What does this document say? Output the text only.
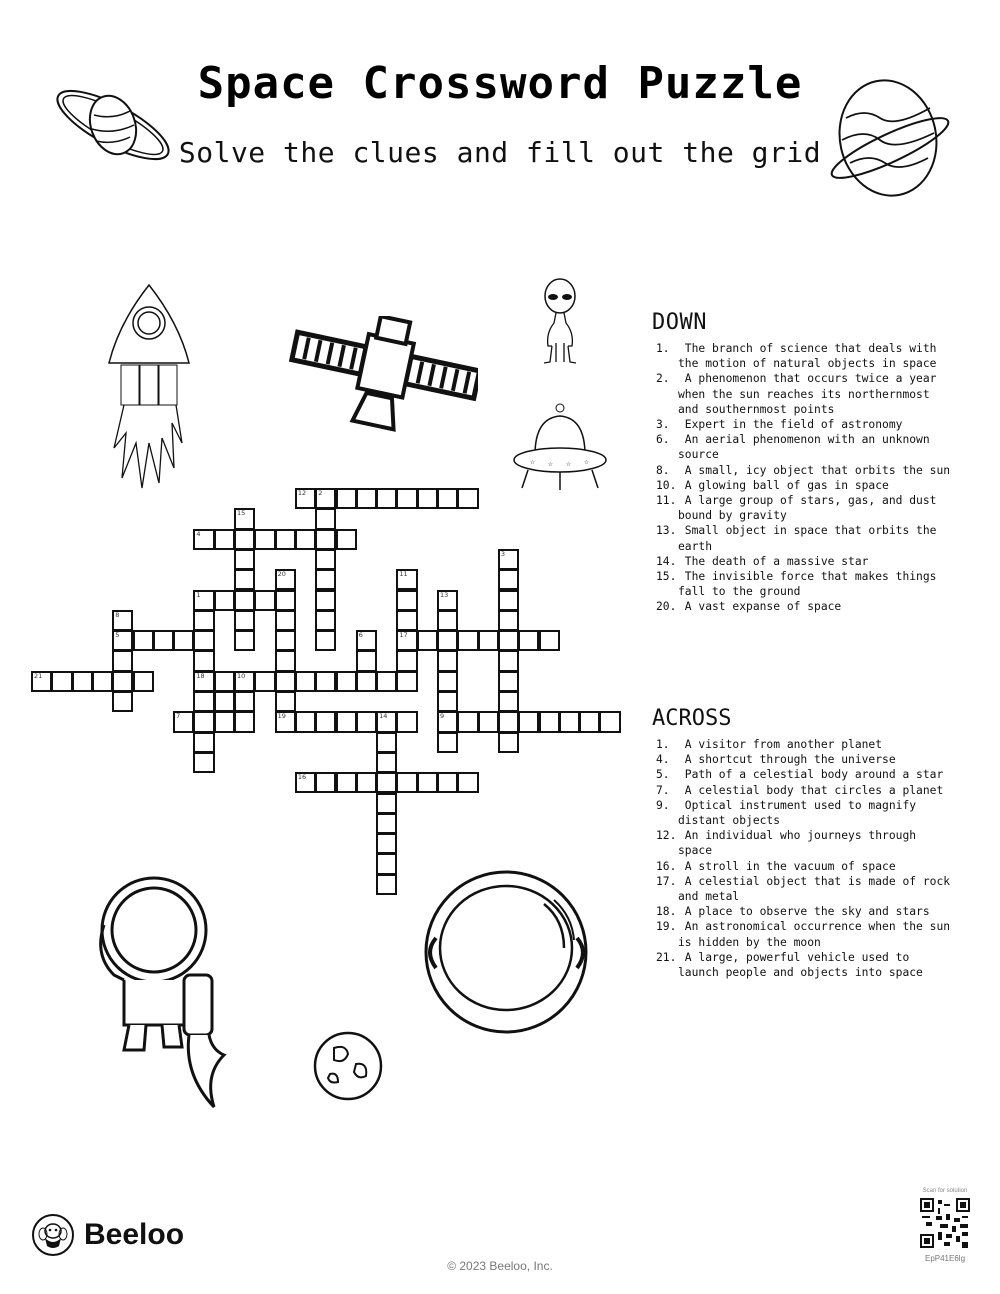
Space Crossword Puzzle
Solve the clues and fill out the grid
☆ ☆ ☆ ☆
12 2
15
4
3
20
19
11
17
1
18
13
9
8
5	6
21	10
7	14
16
DOWN
1. The branch of science that deals with the motion of natural objects in space
2. A phenomenon that occurs twice a year when the sun reaches its northernmost and southernmost points
3. Expert in the field of astronomy
6. An aerial phenomenon with an unknown source
8. A small, icy object that orbits the sun
10. A glowing ball of gas in space
11. A large group of stars, gas, and dust bound by gravity
13. Small object in space that orbits the earth
14. The death of a massive star
15. The invisible force that makes things fall to the ground
20. A vast expanse of space
ACROSS
1. A visitor from another planet
4. A shortcut through the universe
5. Path of a celestial body around a star
7. A celestial body that circles a planet
9. Optical instrument used to magnify distant objects
12. An individual who journeys through space
16. A stroll in the vacuum of space
17. A celestial object that is made of rock and metal
18. A place to observe the sky and stars
19. An astronomical occurrence when the sun is hidden by the moon
21. A large, powerful vehicle used to launch people and objects into space
Beeloo
© 2023 Beeloo, Inc.
Scan for solution
EpP41E6lg
